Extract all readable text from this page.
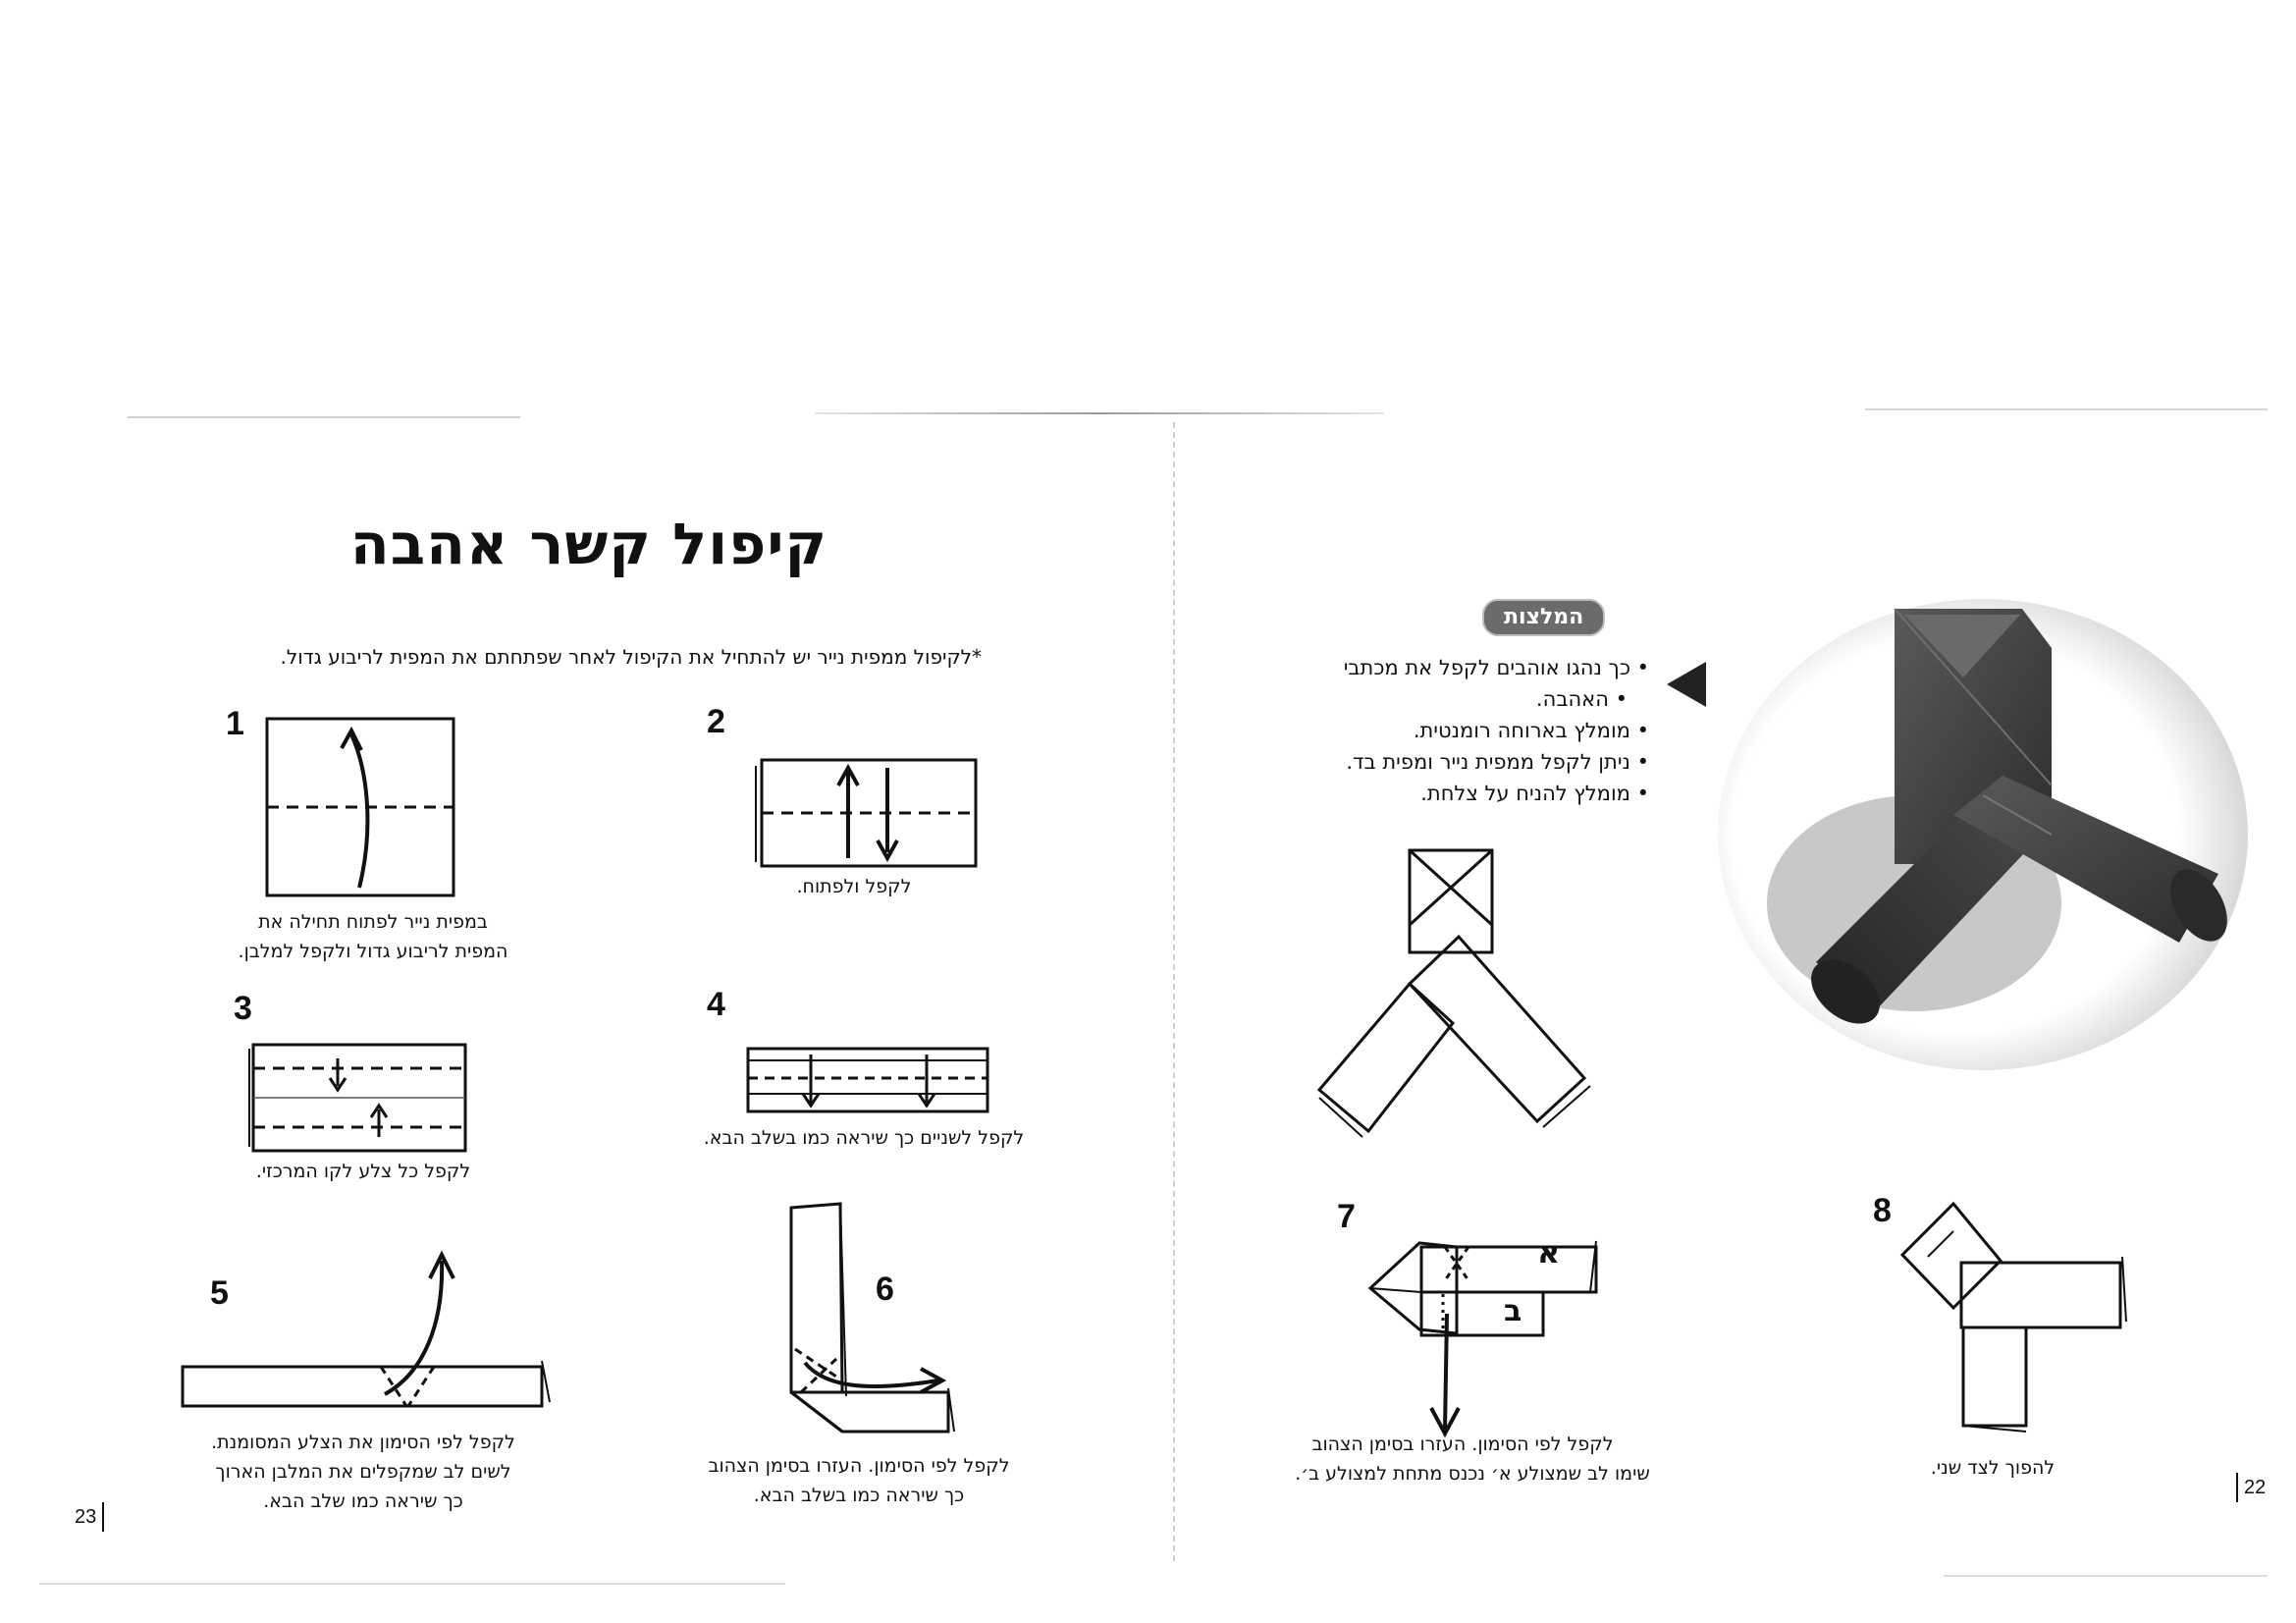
קיפול קשר אהבה
*לקיפול ממפית נייר יש להתחיל את הקיפול לאחר שפתחתם את המפית לריבוע גדול.
1
במפית נייר לפתוח תחילה את
המפית לריבוע גדול ולקפל למלבן.
2
לקפל ולפתוח.
3
לקפל כל צלע לקו המרכזי.
4
לקפל לשניים כך שיראה כמו בשלב הבא.
5
לקפל לפי הסימון את הצלע המסומנת.
לשים לב שמקפלים את המלבן הארוך
כך שיראה כמו שלב הבא.
6
לקפל לפי הסימון. העזרו בסימן הצהוב
כך שיראה כמו בשלב הבא.
23
המלצות
• כך נהגו אוהבים לקפל את מכתבי
• האהבה.
• מומלץ בארוחה רומנטית.
• ניתן לקפל ממפית נייר ומפית בד.
• מומלץ להניח על צלחת.
7
א
ב
לקפל לפי הסימון. העזרו בסימן הצהוב
שימו לב שמצולע א׳ נכנס מתחת למצולע ב׳.
8
להפוך לצד שני.
22
